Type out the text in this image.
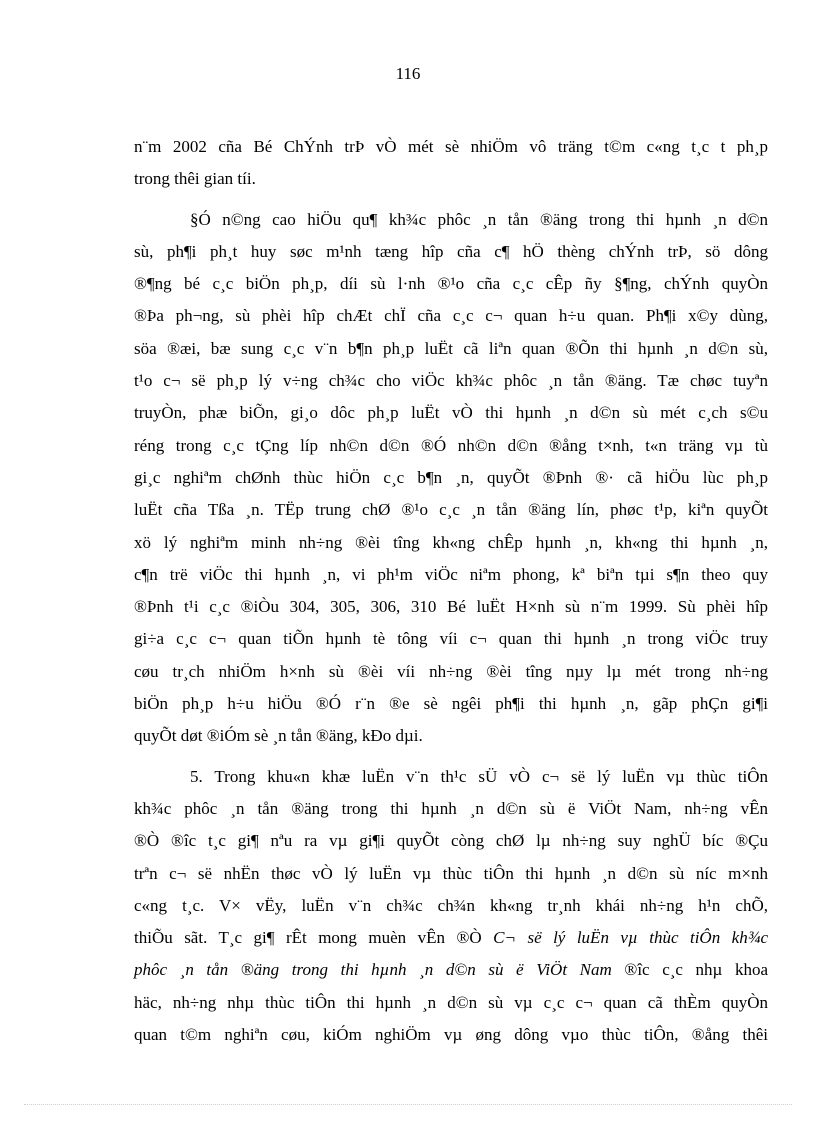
116
n¨m 2002 cña Bé ChÝnh trÞ vÒ mét sè nhiÖm vô träng t©m c«ng t¸c t ph¸p
trong thêi gian tíi.
§Ó n©ng cao hiÖu qu¶ kh¾c phôc ¸n tån ®äng trong thi hµnh ¸n d©n
sù, ph¶i ph¸t huy søc m¹nh tæng hîp cña c¶ hÖ thèng chÝnh trÞ, sö dông
®¶ng bé c¸c biÖn ph¸p, díi sù l·nh ®¹o cña c¸c cÊp ñy §¶ng, chÝnh quyÒn
®Þa ph¬ng, sù phèi hîp chÆt chÏ cña c¸c c¬ quan h÷u quan. Ph¶i x©y dùng,
söa ®æi, bæ sung c¸c v¨n b¶n ph¸p luËt cã liªn quan ®Õn thi hµnh ¸n d©n sù,
t¹o c¬ së ph¸p lý v÷ng ch¾c cho viÖc kh¾c phôc ¸n tån ®äng. Tæ chøc tuyªn
truyÒn, phæ biÕn, gi¸o dôc ph¸p luËt vÒ thi hµnh ¸n d©n sù mét c¸ch s©u
réng trong c¸c tÇng líp nh©n d©n ®Ó nh©n d©n ®ång t×nh, t«n träng vµ tù
gi¸c nghiªm chØnh thùc hiÖn c¸c b¶n ¸n, quyÕt ®Þnh ®· cã hiÖu lùc ph¸p
luËt cña Tßa ¸n. TËp trung chØ ®¹o c¸c ¸n tån ®äng lín, phøc t¹p, kiªn quyÕt
xö lý nghiªm minh nh÷ng ®èi tîng kh«ng chÊp hµnh ¸n, kh«ng thi hµnh ¸n,
c¶n trë viÖc thi hµnh ¸n, vi ph¹m viÖc niªm phong, kª biªn tµi s¶n theo quy
®Þnh t¹i c¸c ®iÒu 304, 305, 306, 310 Bé luËt H×nh sù n¨m 1999. Sù phèi hîp
gi÷a c¸c c¬ quan tiÕn hµnh tè tông víi c¬ quan thi hµnh ¸n trong viÖc truy
cøu tr¸ch nhiÖm h×nh sù ®èi víi nh÷ng ®èi tîng nµy lµ mét trong nh÷ng
biÖn ph¸p h÷u hiÖu ®Ó r¨n ®e sè ngêi ph¶i thi hµnh ¸n, gãp phÇn gi¶i
quyÕt døt ®iÓm sè ¸n tån ®äng, kÐo dµi.
5. Trong khu«n khæ luËn v¨n th¹c sÜ vÒ c¬ së lý luËn vµ thùc tiÔn
kh¾c phôc ¸n tån ®äng trong thi hµnh ¸n d©n sù ë ViÖt Nam, nh÷ng vÊn
®Ò ®îc t¸c gi¶ nªu ra vµ gi¶i quyÕt còng chØ lµ nh÷ng suy nghÜ bíc ®Çu
trªn c¬ së nhËn thøc vÒ lý luËn vµ thùc tiÔn thi hµnh ¸n d©n sù níc m×nh
c«ng t¸c. V× vËy, luËn v¨n ch¾c ch¾n kh«ng tr¸nh khái nh÷ng h¹n chÕ,
thiÕu sãt. T¸c gi¶ rÊt mong muèn vÊn ®Ò C¬ së lý luËn vµ thùc tiÔn kh¾c
phôc ¸n tån ®äng trong thi hµnh ¸n d©n sù ë ViÖt Nam ®îc c¸c nhµ khoa
häc, nh÷ng nhµ thùc tiÔn thi hµnh ¸n d©n sù vµ c¸c c¬ quan cã thÈm quyÒn
quan t©m nghiªn cøu, kiÓm nghiÖm vµ øng dông vµo thùc tiÔn, ®ång thêi
